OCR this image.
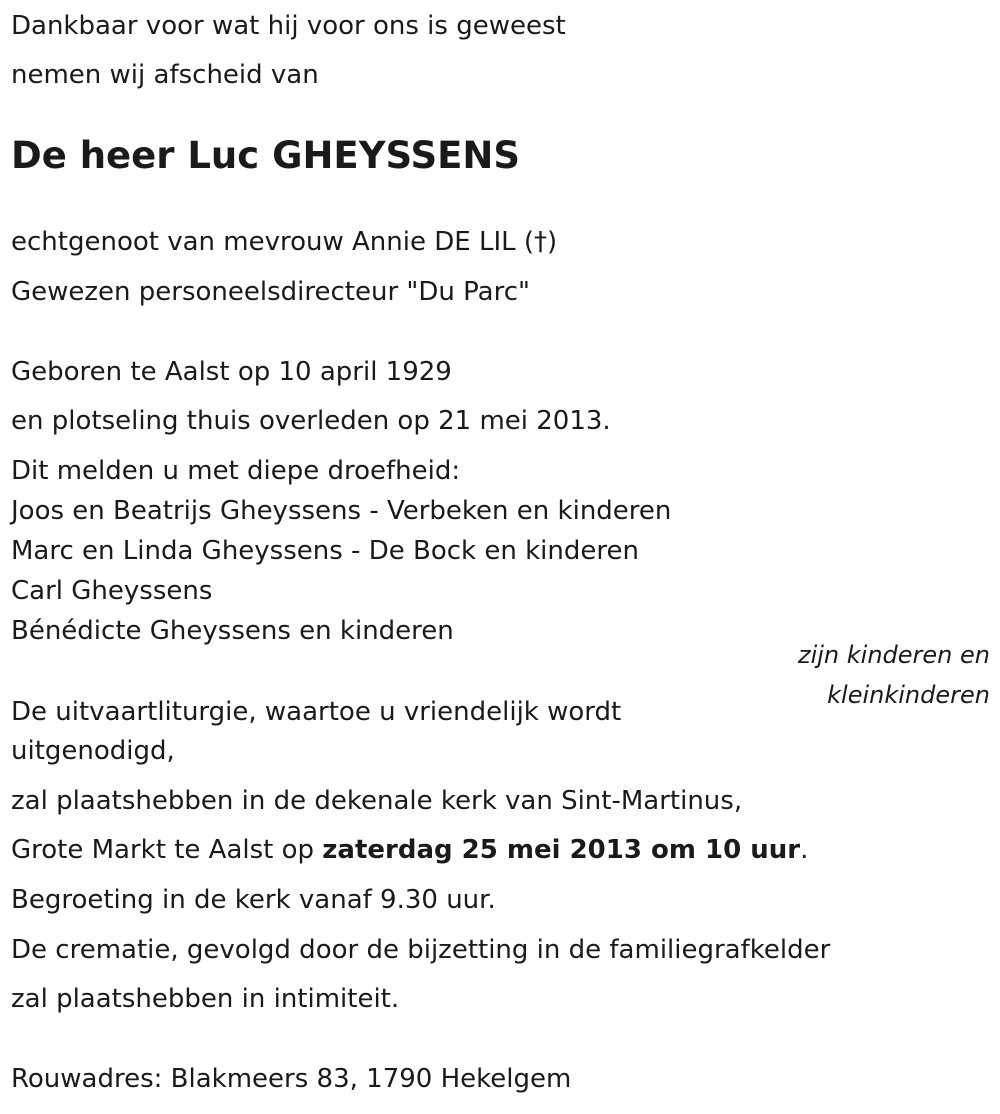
Dankbaar voor wat hij voor ons is geweest
nemen wij afscheid van
De heer Luc GHEYSSENS
echtgenoot van mevrouw Annie DE LIL (†)
Gewezen personeelsdirecteur "Du Parc"
Geboren te Aalst op 10 april 1929
en plotseling thuis overleden op 21 mei 2013.
Dit melden u met diepe droefheid:
Joos en Beatrijs Gheyssens - Verbeken en kinderen
Marc en Linda Gheyssens - De Bock en kinderen
Carl Gheyssens
Bénédicte Gheyssens en kinderen
zijn kinderen en
kleinkinderen
De uitvaartliturgie, waartoe u vriendelijk wordt
uitgenodigd,
zal plaatshebben in de dekenale kerk van Sint-Martinus,
Grote Markt te Aalst op zaterdag 25 mei 2013 om 10 uur.
Begroeting in de kerk vanaf 9.30 uur.
De crematie, gevolgd door de bijzetting in de familiegrafkelder
zal plaatshebben in intimiteit.
Rouwadres: Blakmeers 83, 1790 Hekelgem
